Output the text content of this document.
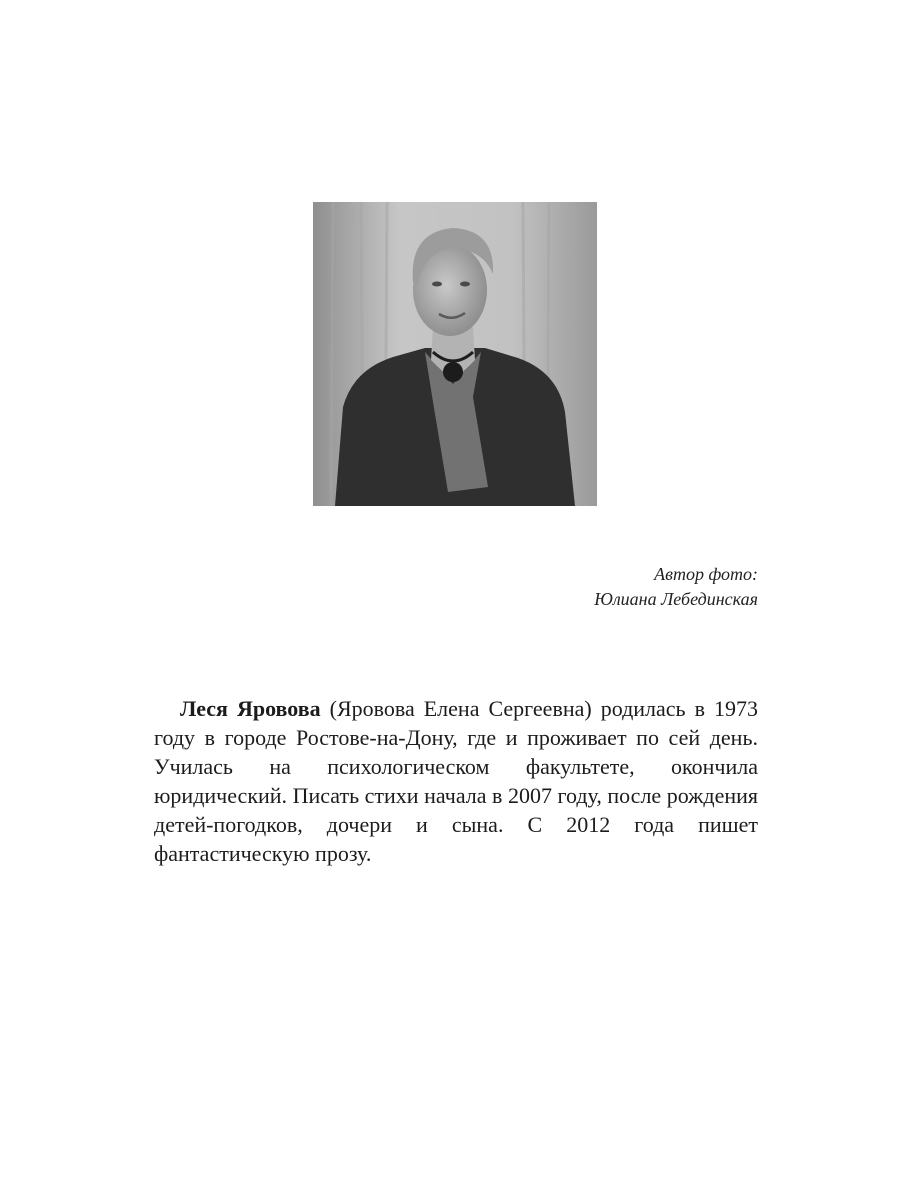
Автор фото:
Юлиана Лебединская

Леся Яровова (Яровова Елена Сергеевна) родилась в 1973 году в городе Ростове-на-Дону, где и проживает по сей день. Училась на психологическом факультете, окончила юридический. Писать стихи начала в 2007 году, после рождения детей-погодков, дочери и сына. С 2012 года пишет фантастическую прозу.
